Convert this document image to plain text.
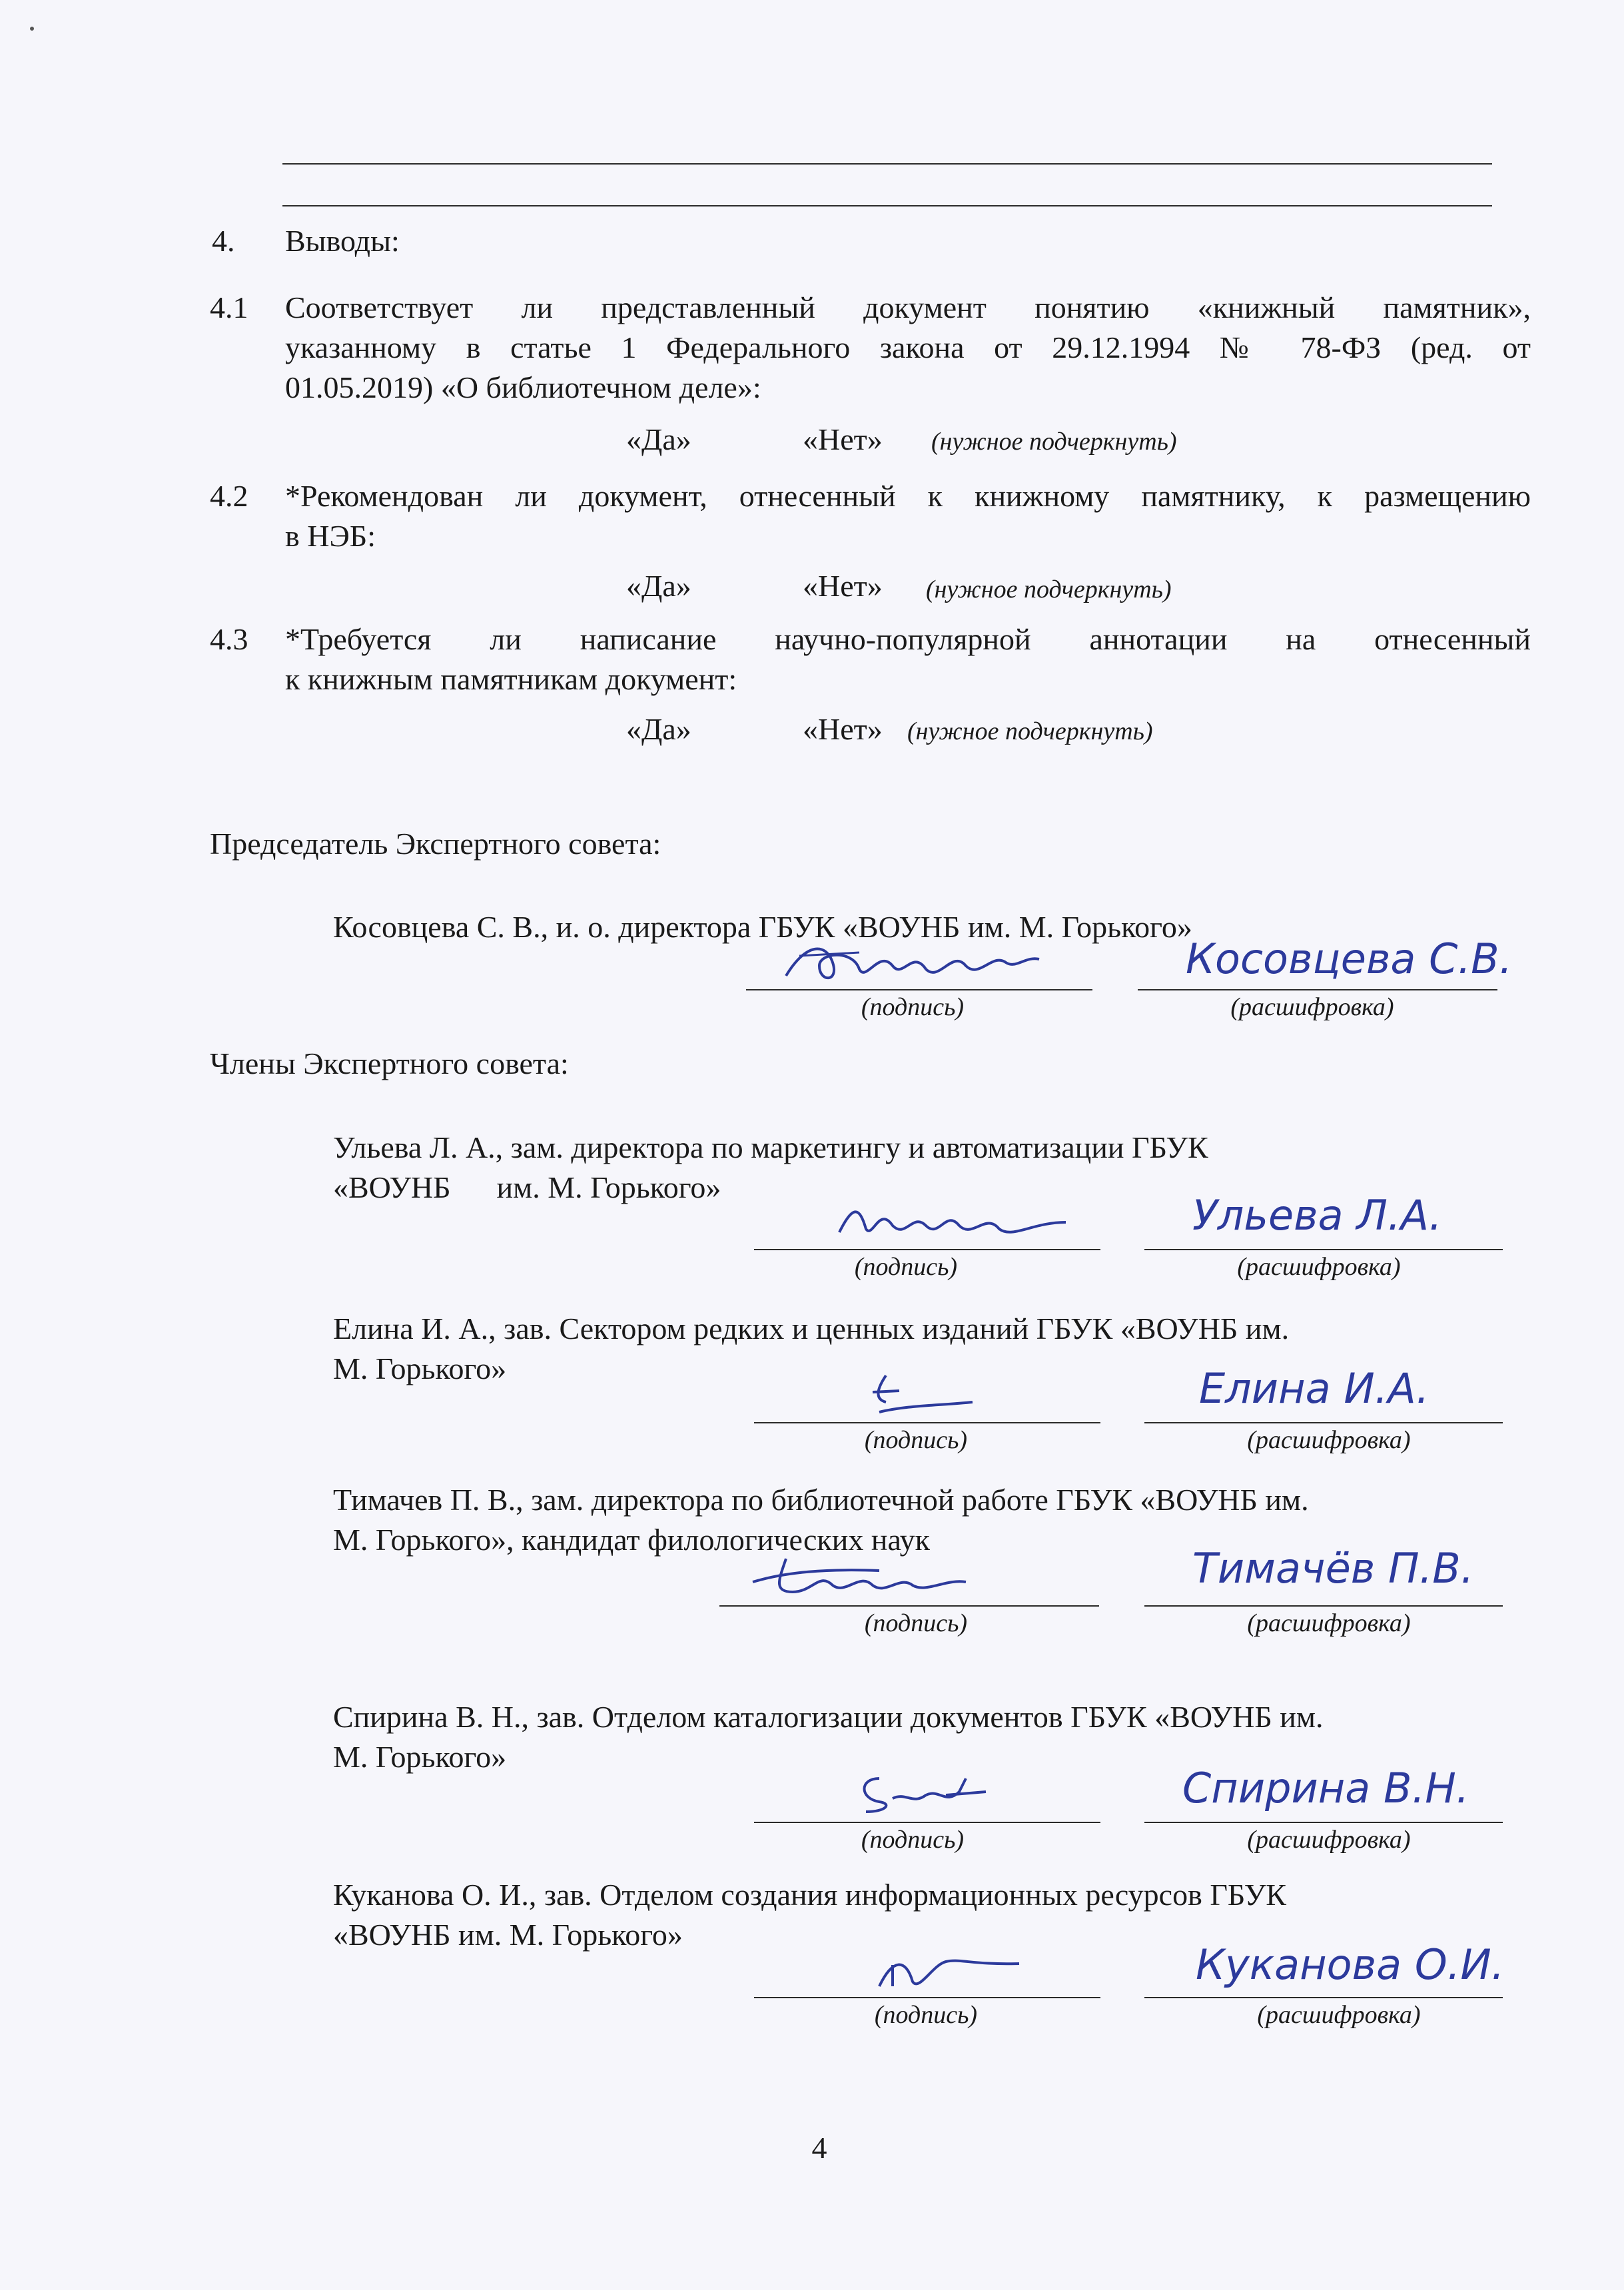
4. Выводы:
4.1 Соответствует ли представленный документ понятию «книжный памятник»,
указанному в статье 1 Федерального закона от 29.12.1994 № 78-ФЗ (ред. от
01.05.2019) «О библиотечном деле»:
«Да»	«Нет» (нужное подчеркнуть)
4.2 *Рекомендован ли документ, отнесенный к книжному памятнику, к размещению
в НЭБ:
«Да»	«Нет» (нужное подчеркнуть)
4.3 *Требуется ли написание научно-популярной аннотации на отнесенный
к книжным памятникам документ:
«Да»	«Нет» (нужное подчеркнуть)
Председатель Экспертного совета:
Косовцева С. В., и. о. директора ГБУК «ВОУНБ им. М. Горького»
Косовцева С.В.
(подпись)	(расшифровка)
Члены Экспертного совета:
Ульева Л. А., зам. директора по маркетингу и автоматизации ГБУК
«ВОУНБ      им. М. Горького»
Ульева Л.А.
(подпись)	(расшифровка)
Елина И. А., зав. Сектором редких и ценных изданий ГБУК «ВОУНБ им.
М. Горького»	Елина И.А.
(подпись)	(расшифровка)
Тимачев П. В., зам. директора по библиотечной работе ГБУК «ВОУНБ им.
М. Горького», кандидат филологических наук
Тимачёв П.В.
(подпись)	(расшифровка)
Спирина В. Н., зав. Отделом каталогизации документов ГБУК «ВОУНБ им.
М. Горького»
Спирина В.Н.
(подпись)	(расшифровка)
Куканова О. И., зав. Отделом создания информационных ресурсов ГБУК
«ВОУНБ им. М. Горького»
Куканова О.И.
(подпись)	(расшифровка)
4
